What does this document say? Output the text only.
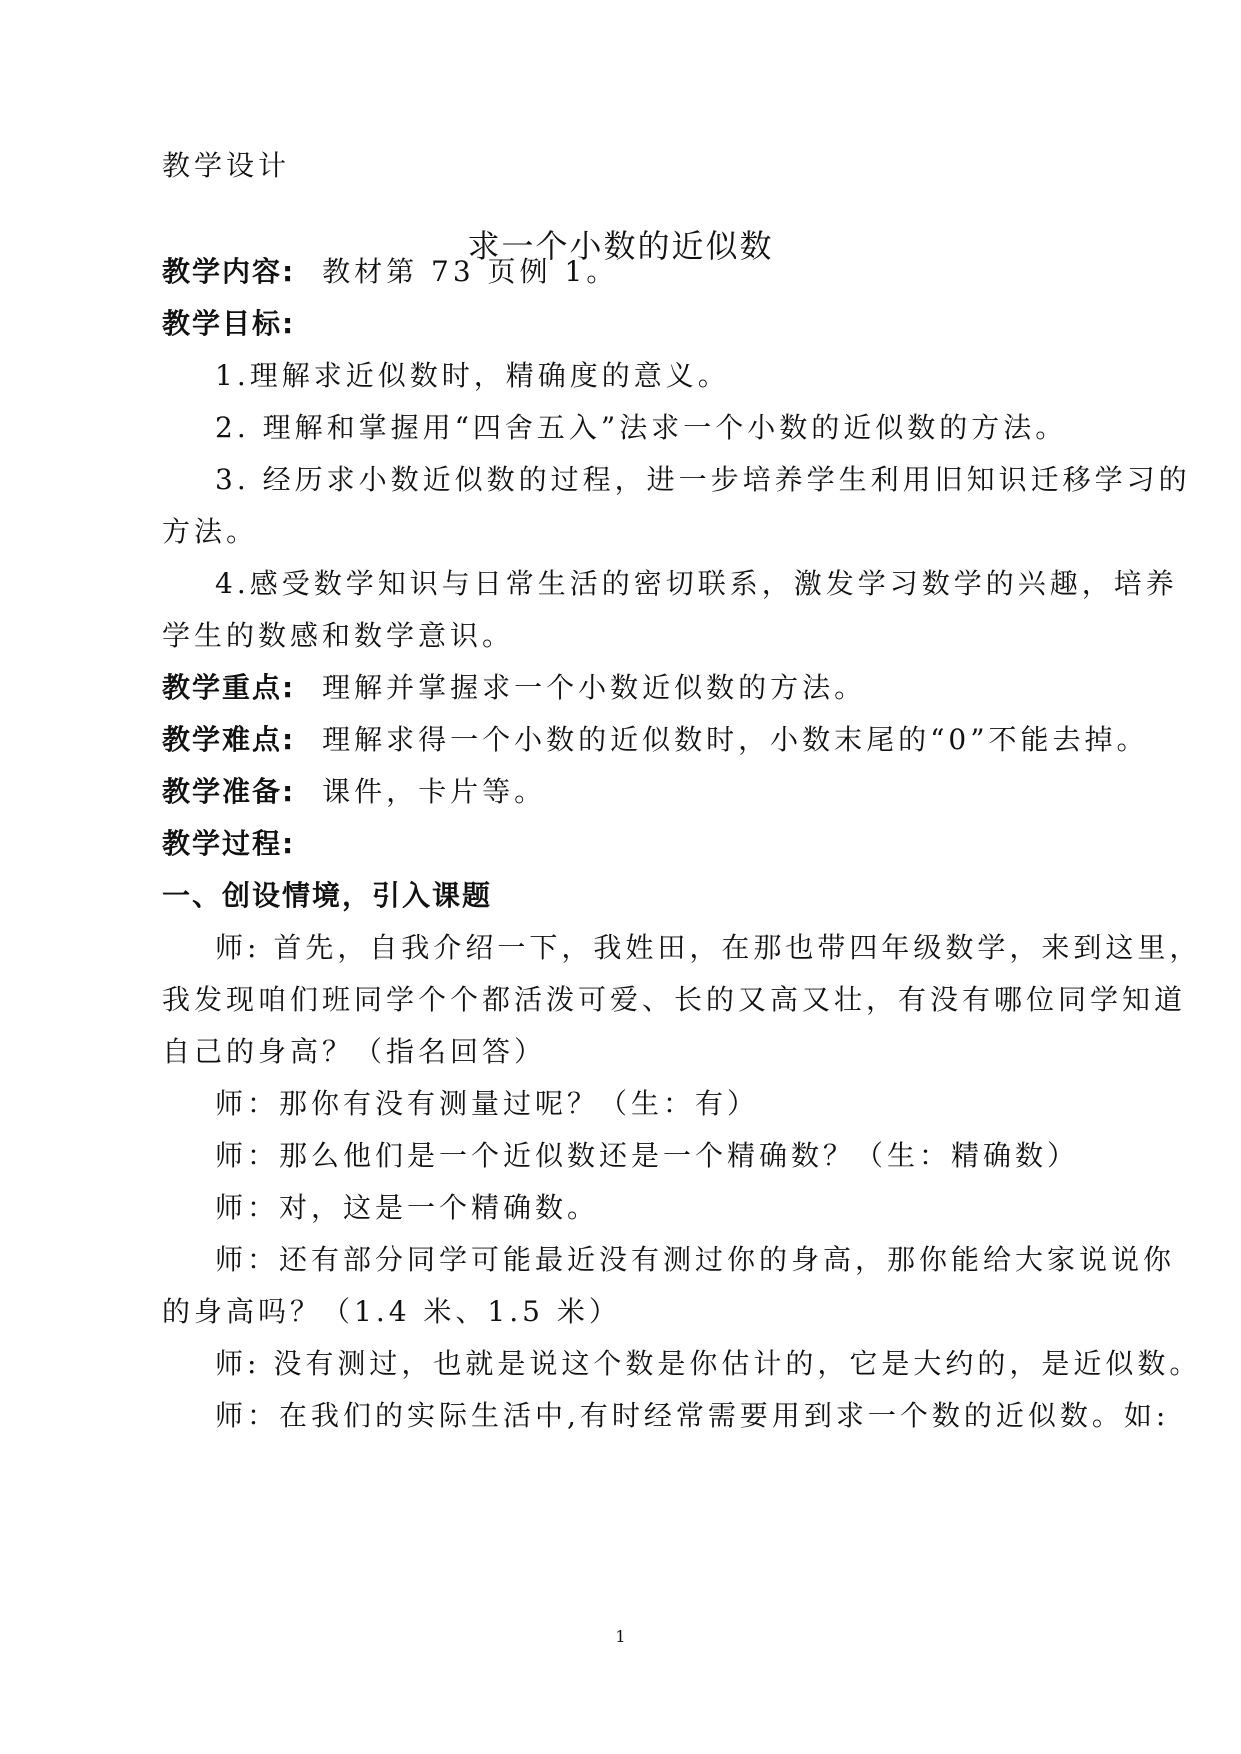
教学设计
求一个小数的近似数
教学内容: 教材第 73 页例 1。
教学目标:
1.理解求近似数时，精确度的意义。
2. 理解和掌握用“四舍五入”法求一个小数的近似数的方法。
3. 经历求小数近似数的过程，进一步培养学生利用旧知识迁移学习的
方法。
4.感受数学知识与日常生活的密切联系，激发学习数学的兴趣，培养
学生的数感和数学意识。
教学重点: 理解并掌握求一个小数近似数的方法。
教学难点: 理解求得一个小数的近似数时，小数末尾的“0”不能去掉。
教学准备: 课件，卡片等。
教学过程:
一、创设情境，引入课题
师: 首先，自我介绍一下，我姓田，在那也带四年级数学，来到这里，
我发现咱们班同学个个都活泼可爱、长的又高又壮，有没有哪位同学知道
自己的身高？（指名回答）
师：那你有没有测量过呢？（生：有）
师：那么他们是一个近似数还是一个精确数？（生：精确数）
师：对，这是一个精确数。
师：还有部分同学可能最近没有测过你的身高，那你能给大家说说你
的身高吗？（1.4 米、1.5 米）
师: 没有测过，也就是说这个数是你估计的，它是大约的，是近似数。
师：在我们的实际生活中,有时经常需要用到求一个数的近似数。如:
1
